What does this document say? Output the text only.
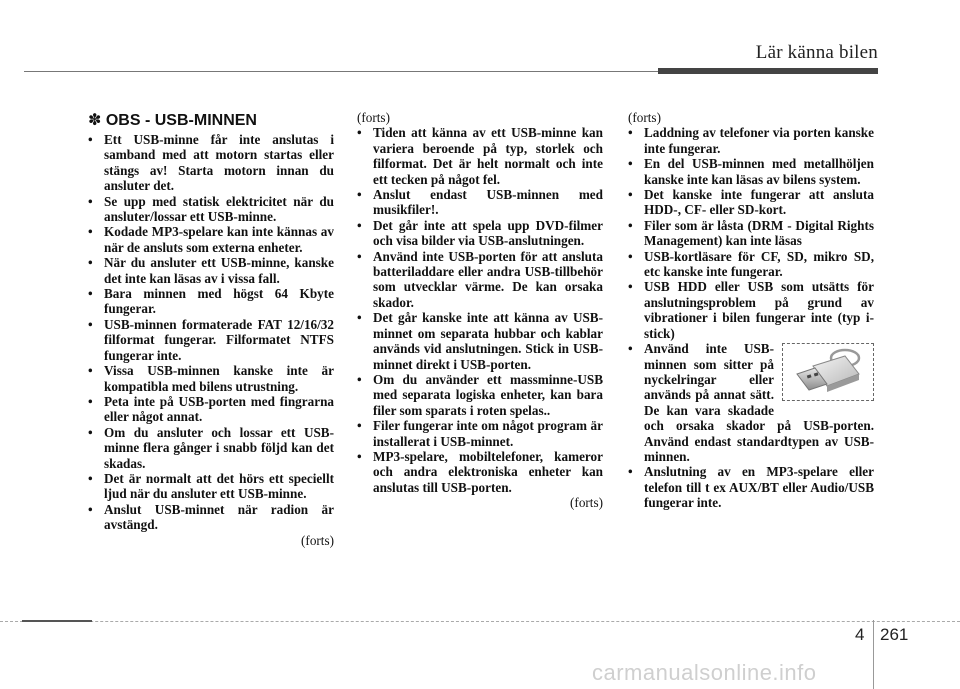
Lär känna bilen
✽ OBS - USB-MINNEN
• Ett USB-minne får inte anslutas i samband med att motorn startas eller stängs av! Starta motorn innan du ansluter det.
• Se upp med statisk elektricitet när du ansluter/lossar ett USB-minne.
• Kodade MP3-spelare kan inte kännas av när de ansluts som externa enheter.
• När du ansluter ett USB-minne, kanske det inte kan läsas av i vissa fall.
• Bara minnen med högst 64 Kbyte fungerar.
• USB-minnen formaterade FAT 12/16/32 filformat fungerar. Filformatet NTFS fungerar inte.
• Vissa USB-minnen kanske inte är kompatibla med bilens utrustning.
• Peta inte på USB-porten med fingrarna eller något annat.
• Om du ansluter och lossar ett USB-minne flera gånger i snabb följd kan det skadas.
• Det är normalt att det hörs ett speciellt ljud när du ansluter ett USB-minne.
• Anslut USB-minnet när radion är avstängd.
(forts)
(forts)
• Tiden att känna av ett USB-minne kan variera beroende på typ, storlek och filformat. Det är helt normalt och inte ett tecken på något fel.
• Anslut endast USB-minnen med musikfiler!.
• Det går inte att spela upp DVD-filmer och visa bilder via USB-anslutningen.
• Använd inte USB-porten för att ansluta batteriladdare eller andra USB-tillbehör som utvecklar värme. De kan orsaka skador.
• Det går kanske inte att känna av USB-minnet om separata hubbar och kablar används vid anslutningen. Stick in USB-minnet direkt i USB-porten.
• Om du använder ett massminne-USB med separata logiska enheter, kan bara filer som sparats i roten spelas..
• Filer fungerar inte om något program är installerat i USB-minnet.
• MP3-spelare, mobiltelefoner, kameror och andra elektroniska enheter kan anslutas till USB-porten.
(forts)
(forts)
• Laddning av telefoner via porten kanske inte fungerar.
• En del USB-minnen med metallhöljen kanske inte kan läsas av bilens system.
• Det kanske inte fungerar att ansluta HDD-, CF- eller SD-kort.
• Filer som är låsta (DRM - Digital Rights Management) kan inte läsas
• USB-kortläsare för CF, SD, mikro SD, etc kanske inte fungerar.
• USB HDD eller USB som utsätts för anslutningsproblem på grund av vibrationer i bilen fungerar inte (typ i-stick)
• Använd inte USB-minnen som sitter på nyckelringar eller används på annat sätt. De kan vara skadade och orsaka skador på USB-porten. Använd endast standardtypen av USB- minnen.
• Anslutning av en MP3-spelare eller telefon till t ex AUX/BT eller Audio/USB fungerar inte.
4 261
carmanualsonline.info
